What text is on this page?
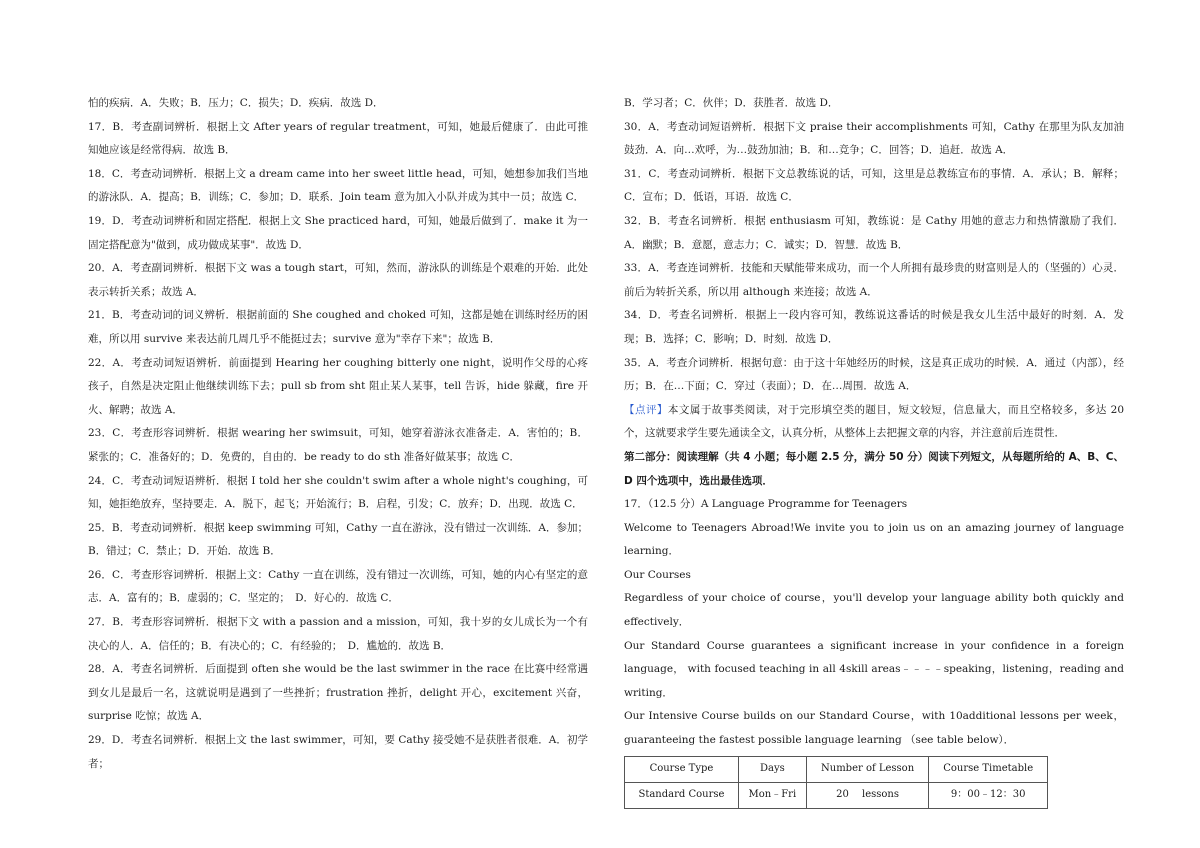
怕的疾病．A．失败；B．压力；C．损失；D．疾病．故选 D．

17．B．考查副词辨析．根据上文 After years of regular treatment，可知，她最后健康了．由此可推知她应该是经常得病．故选 B．

18．C．考查动词辨析．根据上文 a dream came into her sweet little head，可知，她想参加我们当地的游泳队．A．提高；B．训练；C．参加；D．联系．Join team 意为加入小队并成为其中一员；故选 C．

19．D．考查动词辨析和固定搭配．根据上文 She practiced hard，可知，她最后做到了．make it 为一固定搭配意为"做到，成功做成某事"．故选 D．

20．A．考查副词辨析．根据下文 was a tough start，可知，然而，游泳队的训练是个艰难的开始．此处表示转折关系；故选 A．

21．B．考查动词的词义辨析．根据前面的 She coughed and choked 可知，这都是她在训练时经历的困难，所以用 survive 来表达前几周几乎不能挺过去；survive 意为"幸存下来"；故选 B．

22．A．考查动词短语辨析．前面提到 Hearing her coughing bitterly one night，说明作父母的心疼孩子，自然是决定阻止他继续训练下去；pull sb from sht 阻止某人某事，tell 告诉，hide 躲藏，fire 开火、解聘；故选 A．

23．C．考查形容词辨析．根据 wearing her swimsuit，可知，她穿着游泳衣准备走．A．害怕的；B．紧张的；C．准备好的；D．免费的，自由的．be ready to do sth 准备好做某事；故选 C．

24．C．考查动词短语辨析．根据 I told her she couldn't swim after a whole night's coughing，可知，她拒绝放弃，坚持要走．A．脱下，起飞；开始流行；B．启程，引发；C．放弃；D．出现．故选 C．

25．B．考查动词辨析．根据 keep swimming 可知，Cathy 一直在游泳，没有错过一次训练．A．参加；B．错过；C．禁止；D．开始．故选 B．

26．C．考查形容词辨析．根据上文：Cathy 一直在训练，没有错过一次训练，可知，她的内心有坚定的意志．A．富有的；B．虚弱的；C．坚定的；　D．好心的．故选 C．

27．B．考查形容词辨析．根据下文 with a passion and a mission，可知，我十岁的女儿成长为一个有决心的人．A．信任的；B．有决心的；C．有经验的；　D．尴尬的．故选 B．

28．A．考查名词辨析．后面提到 often she would be the last swimmer in the race 在比赛中经常遇到女儿是最后一名，这就说明是遇到了一些挫折；frustration 挫折，delight 开心，excitement 兴奋，surprise 吃惊；故选 A．

29．D．考查名词辨析．根据上文 the last swimmer，可知，要 Cathy 接受她不是获胜者很难．A．初学者；

B．学习者；C．伙伴；D．获胜者．故选 D．

30．A．考查动词短语辨析．根据下文 praise their accomplishments 可知，Cathy 在那里为队友加油鼓劲．A．向…欢呼，为…鼓劲加油；B．和…竞争；C．回答；D．追赶．故选 A．

31．C．考查动词辨析．根据下文总教练说的话，可知，这里是总教练宣布的事情．A．承认；B．解释；C．宣布；D．低语，耳语．故选 C．

32．B．考查名词辨析．根据 enthusiasm 可知，教练说：是 Cathy 用她的意志力和热情激励了我们．A．幽默；B．意愿，意志力；C．诚实；D．智慧．故选 B．

33．A．考查连词辨析．技能和天赋能带来成功，而一个人所拥有最珍贵的财富则是人的（坚强的）心灵．前后为转折关系，所以用 although 来连接；故选 A．

34．D．考查名词辨析．根据上一段内容可知，教练说这番话的时候是我女儿生活中最好的时刻．A．发现；B．选择；C．影响；D．时刻．故选 D．

35．A．考查介词辨析．根据句意：由于这十年她经历的时候，这是真正成功的时候．A．通过（内部），经历；B．在…下面；C．穿过（表面）；D．在…周围．故选 A．

【点评】本文属于故事类阅读，对于完形填空类的题目，短文较短，信息量大，而且空格较多，多达 20 个，这就要求学生要先通读全文，认真分析，从整体上去把握文章的内容，并注意前后连贯性．

第二部分：阅读理解（共 4 小题；每小题 2.5 分，满分 50 分）阅读下列短文，从每题所给的 A、B、C、D 四个选项中，选出最佳选项．

17．（12.5 分）A Language Programme for Teenagers

Welcome to Teenagers Abroad!We invite you to join us on an amazing journey of language learning．

Our Courses

Regardless of your choice of course，you'll develop your language ability both quickly and effectively．

Our Standard Course guarantees a significant increase in your confidence in a foreign language， with focused teaching in all 4skill areas﹣﹣﹣﹣speaking，listening，reading and writing．

Our Intensive Course builds on our Standard Course，with 10additional lessons per week，guaranteeing the fastest possible language learning （see table below）．

Course Type	Days	Number of Lesson	Course Timetable
Standard Course	Mon﹣Fri	20　 lessons	9：00﹣12：30
